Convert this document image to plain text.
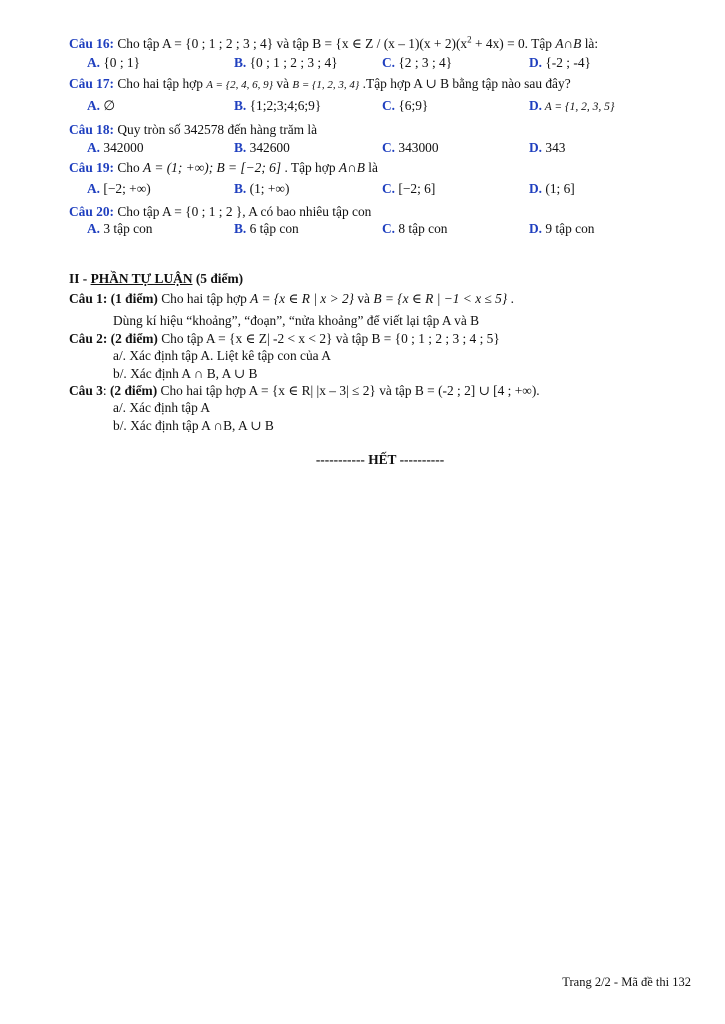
Câu 16: Cho tập A = {0 ; 1 ; 2 ; 3 ; 4} và tập B = {x ∈ $Z / (x - 1)(x + 2)(x^2 + 4x) = 0$. Tập A∩B là:
A. {0 ; 1}	B. {0 ; 1 ; 2 ; 3 ; 4}	C. {2 ; 3 ; 4}	D. {-2 ; -4}
Câu 17: Cho hai tập hợp A = {2, 4, 6, 9} và B = {1, 2, 3, 4} .Tập hợp A ∪ B bằng tập nào sau đây?
A. ∅	B. {1;2;3;4;6;9}	C. {6;9}	D. A = {1, 2, 3, 5}
Câu 18: Quy tròn số 342578 đến hàng trăm là
A. 342000	B. 342600	C. 343000	D. 343
Câu 19: Cho A = (1; +∞); B = [−2; 6] . Tập hợp A∩B là
A. [−2; +∞)	B. (1; +∞)	C. [−2; 6]	D. (1; 6]
Câu 20: Cho tập A = {0 ; 1 ; 2 }, A có bao nhiêu tập con
A. 3 tập con	B. 6 tập con	C. 8 tập con	D. 9 tập con
II - PHẦN TỰ LUẬN (5 điểm)
Câu 1: (1 điểm) Cho hai tập hợp A = {x ∈ R | x > 2} và B = {x ∈ R | −1 < x ≤ 5} .
Dùng kí hiệu “khoảng”, “đoạn”, “nửa khoảng” để viết lại tập A và B
Câu 2: (2 điểm) Cho tập A = {x ∈ Z| -2 < x < 2} và tập B = {0 ; 1 ; 2 ; 3 ; 4 ; 5}
a/. Xác định tập A. Liệt kê tập con của A
b/. Xác định A ∩ B, A ∪ B
Câu 3: (2 điểm) Cho hai tập hợp A = {x ∈ R| |x – 3| ≤ 2} và tập B = (-2 ; 2] ∪ [4 ; +∞).
a/. Xác định tập A
b/. Xác định tập A ∩B, A ∪ B
----------- HẾT ----------
Trang 2/2 - Mã đề thi 132
